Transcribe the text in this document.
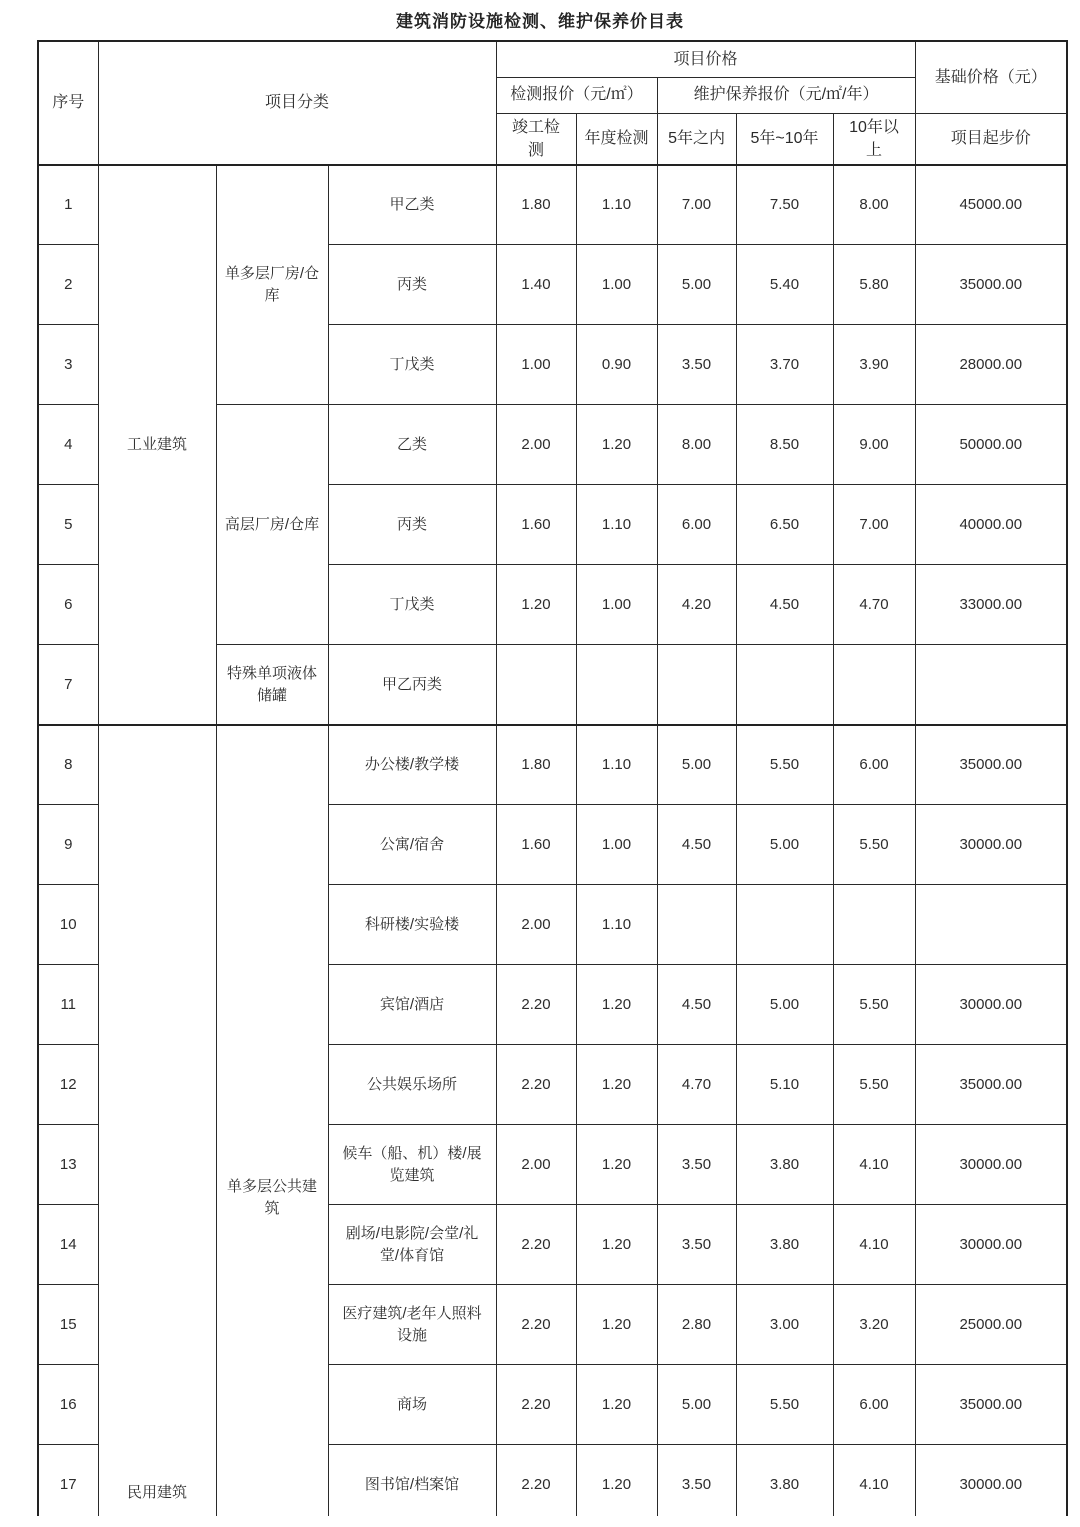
建筑消防设施检测、维护保养价目表
序号	项目分类			项目价格					基础价格（元）
				检测报价（元/㎡）		维护保养报价（元/㎡/年）			
				竣工检测	年度检测	5年之内	5年~10年	10年以上	项目起步价
1	工业建筑	单多层厂房/仓库	甲乙类	1.80	1.10	7.00	7.50	8.00	45000.00
2			丙类	1.40	1.00	5.00	5.40	5.80	35000.00
3			丁戊类	1.00	0.90	3.50	3.70	3.90	28000.00
4		高层厂房/仓库	乙类	2.00	1.20	8.00	8.50	9.00	50000.00
5			丙类	1.60	1.10	6.00	6.50	7.00	40000.00
6			丁戊类	1.20	1.00	4.20	4.50	4.70	33000.00
7		特殊单项液体储罐	甲乙丙类						
8	民用建筑	单多层公共建筑	办公楼/教学楼	1.80	1.10	5.00	5.50	6.00	35000.00
9			公寓/宿舍	1.60	1.00	4.50	5.00	5.50	30000.00
10			科研楼/实验楼	2.00	1.10				
11			宾馆/酒店	2.20	1.20	4.50	5.00	5.50	30000.00
12			公共娱乐场所	2.20	1.20	4.70	5.10	5.50	35000.00
13			候车（船、机）楼/展览建筑	2.00	1.20	3.50	3.80	4.10	30000.00
14			剧场/电影院/会堂/礼堂/体育馆	2.20	1.20	3.50	3.80	4.10	30000.00
15			医疗建筑/老年人照料设施	2.20	1.20	2.80	3.00	3.20	25000.00
16			商场	2.20	1.20	5.00	5.50	6.00	35000.00
17			图书馆/档案馆	2.20	1.20	3.50	3.80	4.10	30000.00
